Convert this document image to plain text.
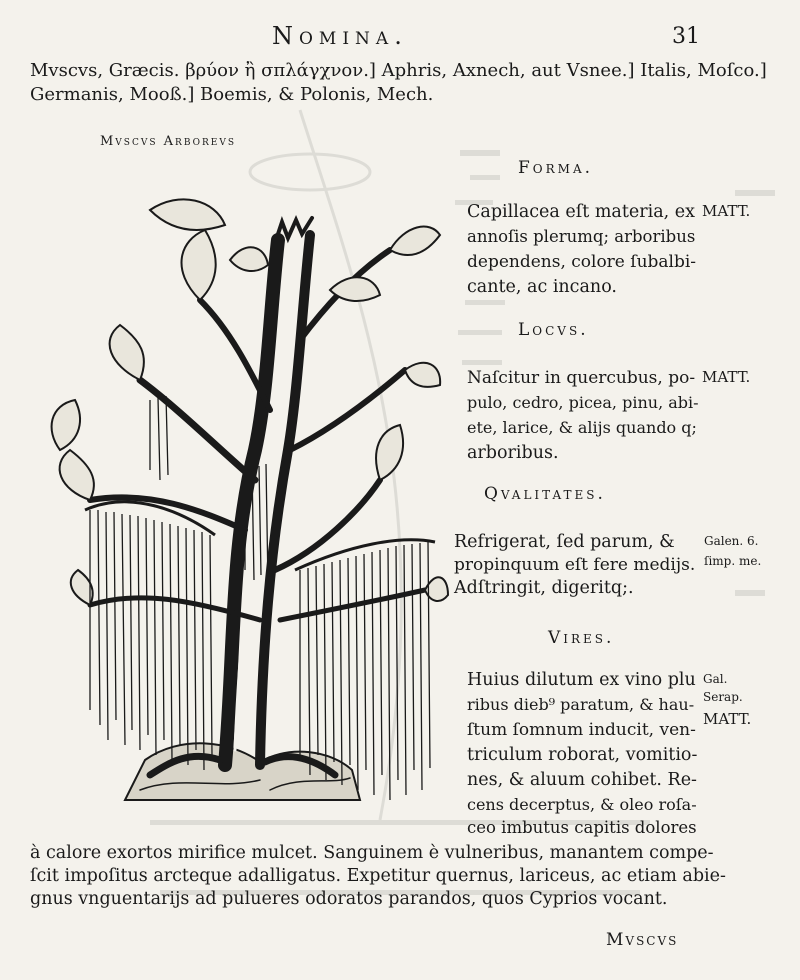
Nomina.	31
Mvscvs, Græcis. βρύον ἢ σπλάγχνον.] Aphris, Axnech, aut Vsnee.] Italis, Moſco.]
Germanis, Mooß.] Boemis, & Polonis, Mech.
Mvscvs Arborevs
Forma.
Capillacea eſt materia, ex
annoſis plerumq; arboribus
dependens, colore ſubalbi-
cante, ac incano.
MATT.
Locvs.
Naſcitur in quercubus, po-
pulo, cedro, picea, pinu, abi-
ete, larice, & alijs quando q;
arboribus.
MATT.
Qvalitates.
Refrigerat, ſed parum, &
propinquum eſt fere medijs.
Adſtringit, digeritq;.
Galen. 6.
ſimp. me.
Vires.
Huius dilutum ex vino plu
ribus dieb⁹ paratum, & hau-
ſtum ſomnum inducit, ven-
triculum roborat, vomitio-
nes, & aluum cohibet. Re-
cens decerptus, & oleo roſa-
ceo imbutus capitis dolores
Gal.
Serap.
MATT.
à calore exortos mirifice mulcet. Sanguinem è vulneribus, manantem compe-
ſcit impoſitus arcteque adalligatus. Expetitur quernus, lariceus, ac etiam abie-
gnus vnguentarijs ad pulueres odoratos parandos, quos Cyprios vocant.
Mvscvs
